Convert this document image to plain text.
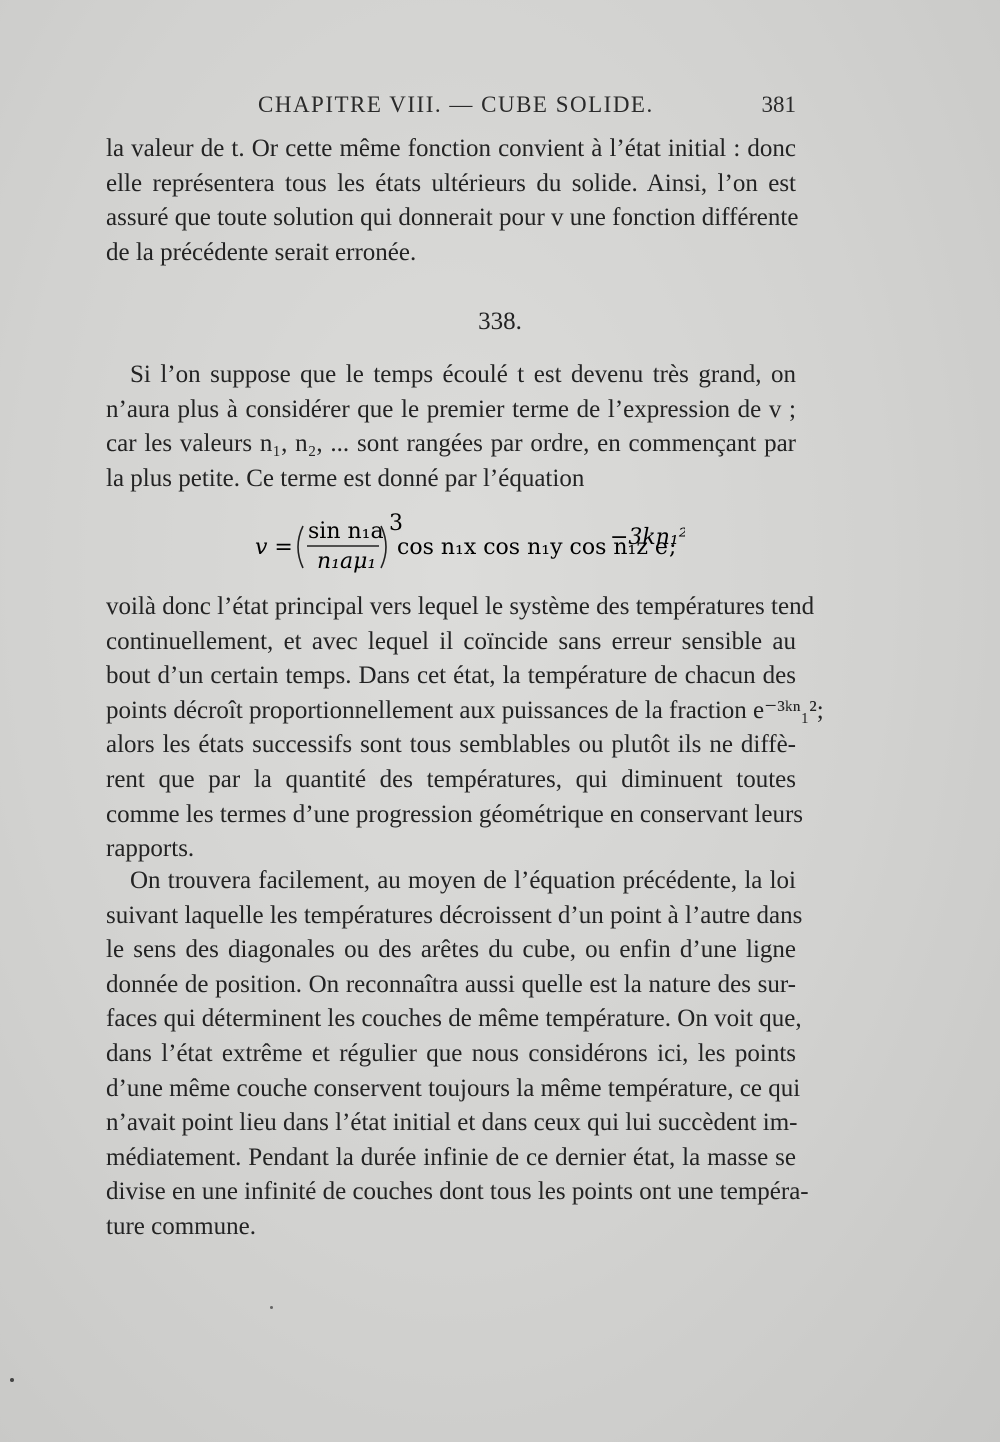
CHAPITRE VIII. — CUBE SOLIDE.	381
la valeur de t. Or cette même fonction convient à l’état initial : donc
elle représentera tous les états ultérieurs du solide. Ainsi, l’on est
assuré que toute solution qui donnerait pour v une fonction différente
de la précédente serait erronée.
338.
Si l’on suppose que le temps écoulé t est devenu très grand, on
n’aura plus à considérer que le premier terme de l’expression de v ;
car les valeurs n₁, n₂, ... sont rangées par ordre, en commençant par
la plus petite. Ce terme est donné par l’équation
v =
sin n₁a
n₁aμ₁
3
cos n₁x cos n₁y cos n₁z e
−3kn₁
;
voilà donc l’état principal vers lequel le système des températures tend
continuellement, et avec lequel il coïncide sans erreur sensible au
bout d’un certain temps. Dans cet état, la température de chacun des
points décroît proportionnellement aux puissances de la fraction e⁻³ᵏⁿ₁²;
alors les états successifs sont tous semblables ou plutôt ils ne diffè-
rent que par la quantité des températures, qui diminuent toutes
comme les termes d’une progression géométrique en conservant leurs
rapports.
On trouvera facilement, au moyen de l’équation précédente, la loi
suivant laquelle les températures décroissent d’un point à l’autre dans
le sens des diagonales ou des arêtes du cube, ou enfin d’une ligne
donnée de position. On reconnaîtra aussi quelle est la nature des sur-
faces qui déterminent les couches de même température. On voit que,
dans l’état extrême et régulier que nous considérons ici, les points
d’une même couche conservent toujours la même température, ce qui
n’avait point lieu dans l’état initial et dans ceux qui lui succèdent im-
médiatement. Pendant la durée infinie de ce dernier état, la masse se
divise en une infinité de couches dont tous les points ont une tempéra-
ture commune.
